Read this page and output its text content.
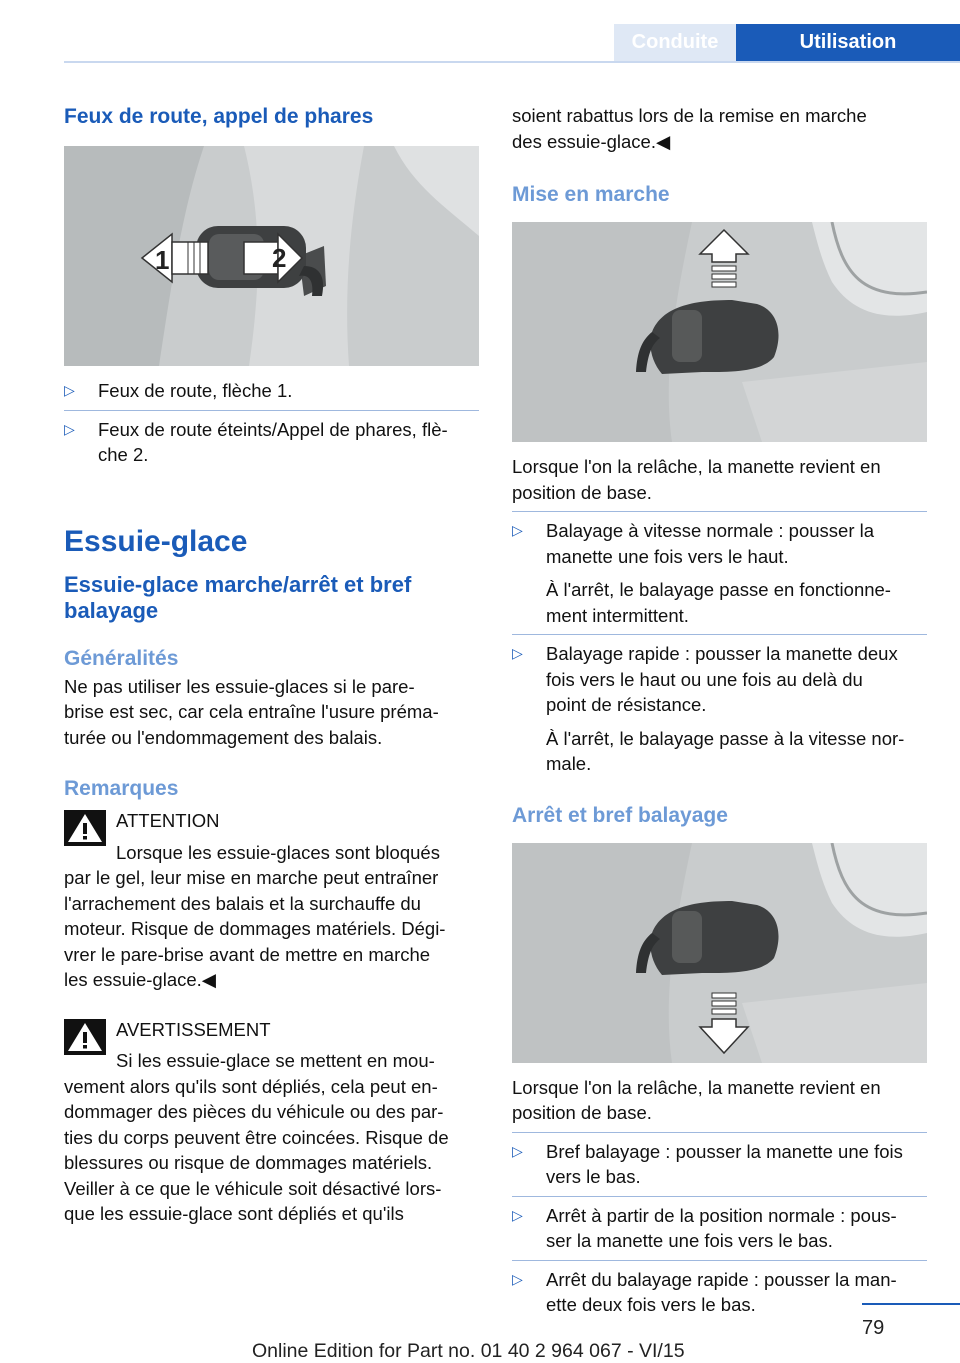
Conduite	Utilisation
Feux de route, appel de phares
1	2
▷ Feux de route, flèche 1.
▷ Feux de route éteints/Appel de phares, flè-
che 2.
Essuie-glace
Essuie-glace marche/arrêt et bref
balayage
Généralités

Ne pas utiliser les essuie-glaces si le pare-
brise est sec, car cela entraîne l'usure préma-
turée ou l'endommagement des balais.

Remarques
ATTENTION
Lorsque les essuie-glaces sont bloqués
par le gel, leur mise en marche peut entraîner
l'arrachement des balais et la surchauffe du
moteur. Risque de dommages matériels. Dégi-
vrer le pare-brise avant de mettre en marche
les essuie-glace.◀
AVERTISSEMENT
Si les essuie-glace se mettent en mou-
vement alors qu'ils sont dépliés, cela peut en-
dommager des pièces du véhicule ou des par-
ties du corps peuvent être coincées. Risque de
blessures ou risque de dommages matériels.
Veiller à ce que le véhicule soit désactivé lors-
que les essuie-glace sont dépliés et qu'ils

soient rabattus lors de la remise en marche
des essuie-glace.◀

Mise en marche

Lorsque l'on la relâche, la manette revient en
position de base.

▷ Balayage à vitesse normale : pousser la
manette une fois vers le haut.
À l'arrêt, le balayage passe en fonctionne-
ment intermittent.
▷ Balayage rapide : pousser la manette deux
fois vers le haut ou une fois au delà du
point de résistance.
À l'arrêt, le balayage passe à la vitesse nor-
male.
Arrêt et bref balayage

Lorsque l'on la relâche, la manette revient en
position de base.

▷ Bref balayage : pousser la manette une fois
vers le bas.
▷ Arrêt à partir de la position normale : pous-
ser la manette une fois vers le bas.
▷ Arrêt du balayage rapide : pousser la man-
ette deux fois vers le bas.
79
Online Edition for Part no. 01 40 2 964 067 - VI/15
